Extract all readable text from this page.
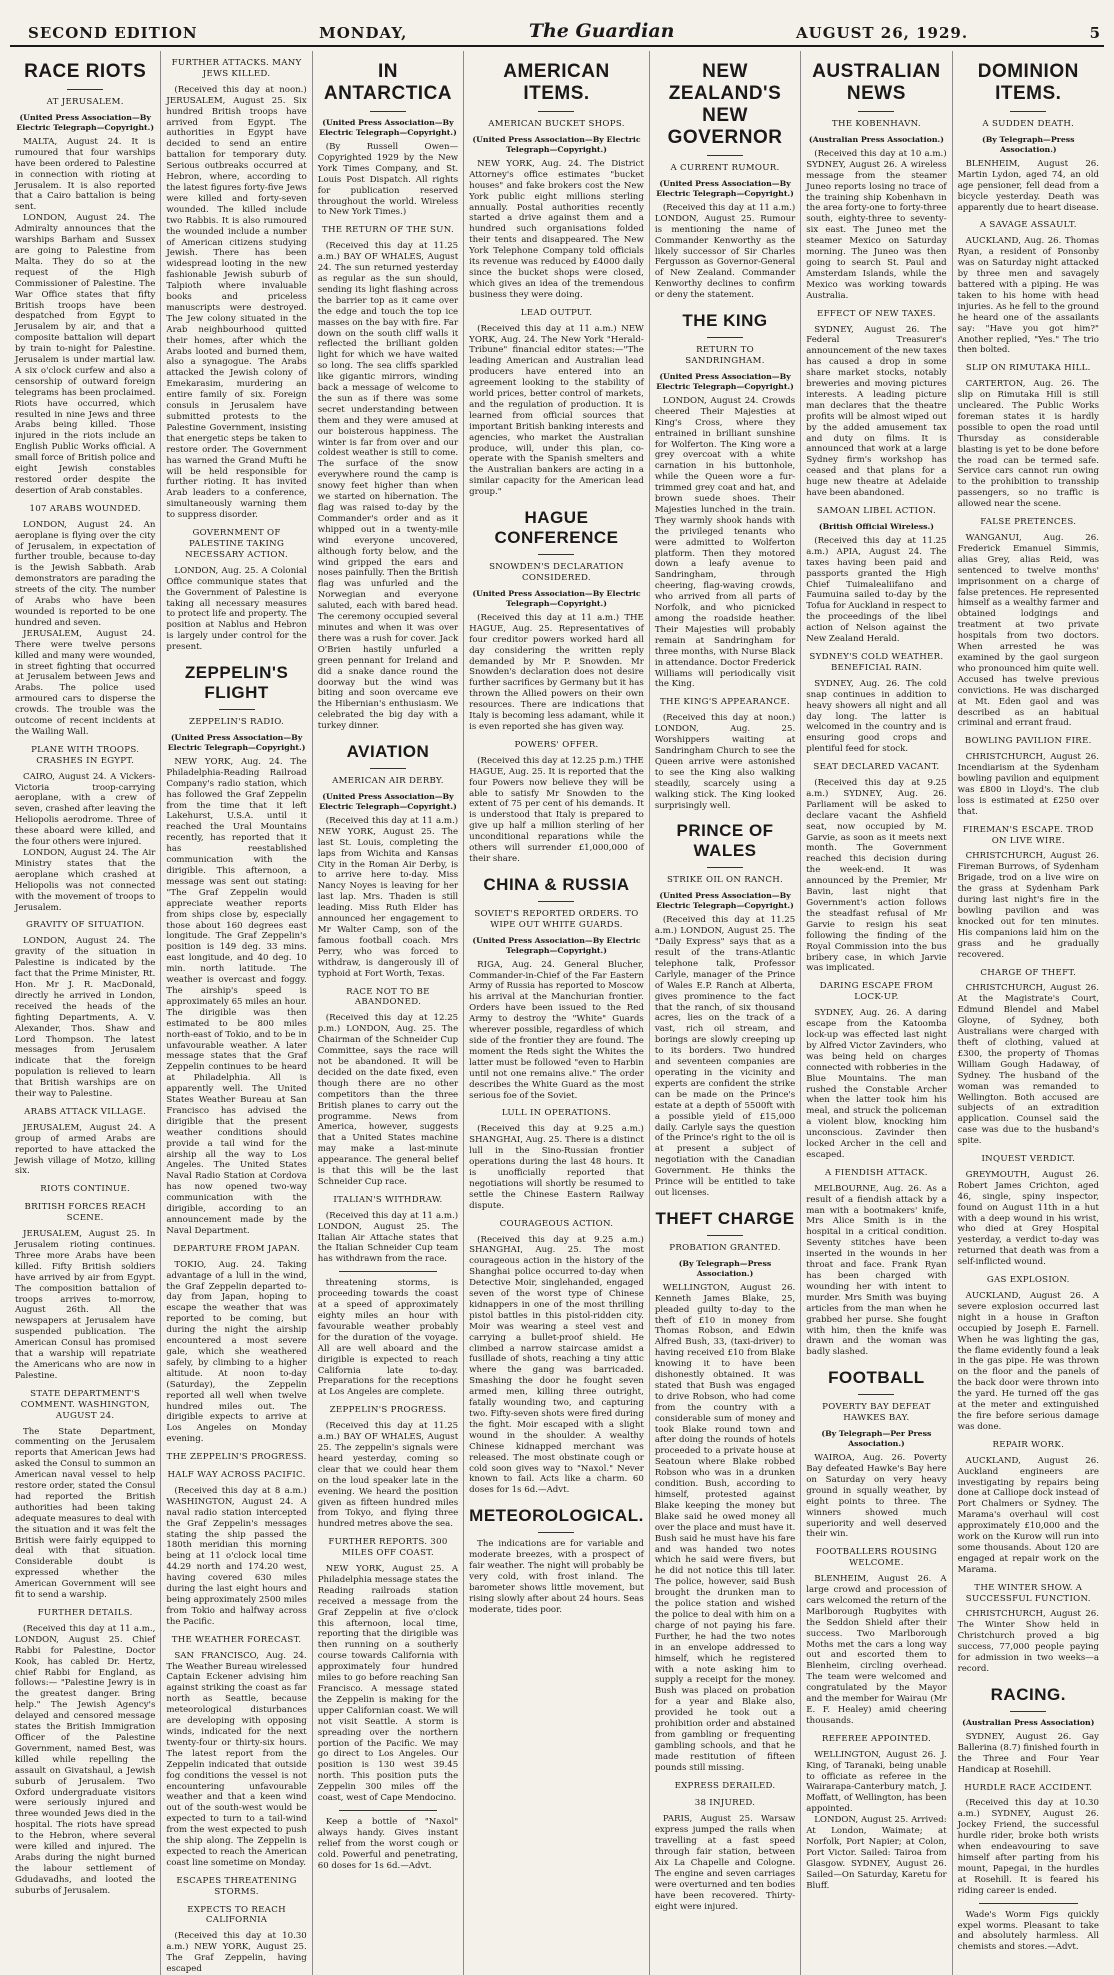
SECOND EDITION	MONDAY,	The Guardian	AUGUST 26, 1929.	5
RACE RIOTS
AT JERUSALEM.
(United Press Association—By Electric Telegraph—Copyright.)

MALTA, August 24. It is rumoured that four warships have been ordered to Palestine in connection with rioting at Jerusalem. It is also reported that a Cairo battalion is being sent.

LONDON, August 24. The Admiralty announces that the warships Barham and Sussex are going to Palestine from Malta. They do so at the request of the High Commissioner of Palestine. The War Office states that fifty British troops have been despatched from Egypt to Jerusalem by air, and that a composite battalion will depart by train to-night for Palestine. Jerusalem is under martial law. A six o'clock curfew and also a censorship of outward foreign telegrams has been proclaimed. Riots have occurred, which resulted in nine Jews and three Arabs being killed. Those injured in the riots include an English Public Works official. A small force of British police and eight Jewish constables restored order despite the desertion of Arab constables.

107 ARABS WOUNDED.

LONDON, August 24. An aeroplane is flying over the city of Jerusalem, in expectation of further trouble, because to-day is the Jewish Sabbath. Arab demonstrators are parading the streets of the city. The number of Arabs who have been wounded is reported to be one hundred and seven.

JERUSALEM, August 24. There were twelve persons killed and many were wounded, in street fighting that occurred at Jerusalem between Jews and Arabs. The police used armoured cars to disperse the crowds. The trouble was the outcome of recent incidents at the Wailing Wall.

PLANE WITH TROOPS. CRASHES IN EGYPT.

CAIRO, August 24. A Vickers-Victoria troop-carrying aeroplane, with a crew of seven, crashed after leaving the Heliopolis aerodrome. Three of these aboard were killed, and the four others were injured.

LONDON, August 24. The Air Ministry states that the aeroplane which crashed at Heliopolis was not connected with the movement of troops to Jerusalem.

GRAVITY OF SITUATION.

LONDON, August 24. The gravity of the situation in Palestine is indicated by the fact that the Prime Minister, Rt. Hon. Mr J. R. MacDonald, directly he arrived in London, received the heads of the fighting Departments, A. V. Alexander, Thos. Shaw and Lord Thompson. The latest messages from Jerusalem indicate that the foreign population is relieved to learn that British warships are on their way to Palestine.

ARABS ATTACK VILLAGE.

JERUSALEM, August 24. A group of armed Arabs are reported to have attacked the Jewish village of Motzo, killing six.

RIOTS CONTINUE.
BRITISH FORCES REACH SCENE.

JERUSALEM, August 25. In Jerusalem rioting continues. Three more Arabs have been killed. Fifty British soldiers have arrived by air from Egypt. The composition battalion of troops arrives to-morrow, August 26th. All the newspapers at Jerusalem have suspended publication. The American Consul has promised that a warship will repatriate the Americans who are now in Palestine.

STATE DEPARTMENT'S COMMENT. WASHINGTON, AUGUST 24.

The State Department, commenting on the Jerusalem reports that American Jews had asked the Consul to summon an American naval vessel to help restore order, stated the Consul had reported the British authorities had been taking adequate measures to deal with the situation and it was felt the British were fairly equipped to deal with that situation. Considerable doubt is expressed whether the American Government will see fit to send a warship.

FURTHER DETAILS.

(Received this day at 11 a.m., LONDON, August 25. Chief Rabbi for Palestine, Doctor Kook, has cabled Dr. Hertz, chief Rabbi for England, as follows:— "Palestine Jewry is in the greatest danger. Bring help." The Jewish Agency's delayed and censored message states the British Immigration Officer of the Palestine Government, named Best, was killed while repelling the assault on Givatshaul, a Jewish suburb of Jerusalem. Two Oxford undergraduate visitors were seriously injured and three wounded Jews died in the hospital. The riots have spread to the Hebron, where several were killed and injured. The Arabs during the night burned the labour settlement of Gdudavadhs, and looted the suburbs of Jerusalem.

FURTHER ATTACKS. MANY JEWS KILLED.

(Received this day at noon.) JERUSALEM, August 25. Six hundred British troops have arrived from Egypt. The authorities in Egypt have decided to send an entire battalion for temporary duty. Serious outbreaks occurred at Hebron, where, according to the latest figures forty-five Jews were killed and forty-seven wounded. The killed include two Rabbis. It is also rumoured the wounded include a number of American citizens studying Jewish. There has been widespread looting in the new fashionable Jewish suburb of Talpioth where invaluable books and priceless manuscripts were destroyed. The Jew colony situated in the Arab neighbourhood quitted their homes, after which the Arabs looted and burned them, also a synagogue. The Arabs attacked the Jewish colony of Emekarasim, murdering an entire family of six. Foreign consuls in Jerusalem have submitted protests to the Palestine Government, insisting that energetic steps be taken to restore order. The Government has warned the Grand Mufti he will be held responsible for further rioting. It has invited Arab leaders to a conference, simultaneously warning them to suppress disorder.

GOVERNMENT OF PALESTINE TAKING NECESSARY ACTION.

LONDON, Aug. 25. A Colonial Office communique states that the Government of Palestine is taking all necessary measures to protect life and property. The position at Nablus and Hebron is largely under control for the present.

ZEPPELIN'S FLIGHT
ZEPPELIN'S RADIO.
(United Press Association—By Electric Telegraph—Copyright.)

NEW YORK, Aug. 24. The Philadelphia-Reading Railroad Company's radio station, which has followed the Graf Zeppelin from the time that it left Lakehurst, U.S.A. until it reached the Ural Mountains recently, has reported that it has reestablished communication with the dirigible. This afternoon, a message was sent out stating: "The Graf Zeppelin would appreciate weather reports from ships close by, especially those about 160 degrees east longitude. The Graf Zeppelin's position is 149 deg. 33 mins. east longitude, and 40 deg. 10 min. north latitude. The weather is overcast and foggy. The airship's speed is approximately 65 miles an hour. The dirigible was then estimated to be 800 miles north-east of Tokio, and to be in unfavourable weather. A later message states that the Graf Zeppelin continues to be heard at Philadelphia. All is apparently well. The United States Weather Bureau at San Francisco has advised the dirigible that the present weather conditions should provide a tail wind for the airship all the way to Los Angeles. The United States Naval Radio Station at Cordova has now opened two-way communication with the dirigible, according to an announcement made by the Naval Department.

DEPARTURE FROM JAPAN.

TOKIO, Aug. 24. Taking advantage of a lull in the wind, the Graf Zeppelin departed to-day from Japan, hoping to escape the weather that was reported to be coming, but during the night the airship encountered a most severe gale, which she weathered safely, by climbing to a higher altitude. At noon to-day (Saturday), the Zeppelin reported all well when twelve hundred miles out. The dirigible expects to arrive at Los Angeles on Monday evening.

THE ZEPPELIN'S PROGRESS.
HALF WAY ACROSS PACIFIC.

(Received this day at 8 a.m.) WASHINGTON, August 24. A naval radio station intercepted the Graf Zeppelin's messages stating the ship passed the 180th meridian this morning being at 11 o'clock local time 44.29 north and 174.20 west, having covered 630 miles during the last eight hours and being approximately 2500 miles from Tokio and halfway across the Pacific.

THE WEATHER FORECAST.

SAN FRANCISCO, Aug. 24. The Weather Bureau wirelessed Captain Eckener advising him against striking the coast as far north as Seattle, because meteorological disturbances are developing with opposing winds, indicated for the next twenty-four or thirty-six hours. The latest report from the Zeppelin indicated that outside fog conditions the vessel is not encountering unfavourable weather and that a keen wind out of the south-west would be expected to turn to a tail-wind from the west expected to push the ship along. The Zeppelin is expected to reach the American coast line sometime on Monday.

ESCAPES THREATENING STORMS.
EXPECTS TO REACH CALIFORNIA

(Received this day at 10.30 a.m.) NEW YORK, August 25. The Graf Zeppelin, having escaped

IN ANTARCTICA
(United Press Association—By Electric Telegraph—Copyright.)

(By Russell Owen—Copyrighted 1929 by the New York Times Company, and St. Louis Post Dispatch. All rights for publication reserved throughout the world. Wireless to New York Times.)

THE RETURN OF THE SUN.

(Received this day at 11.25 a.m.) BAY OF WHALES, August 24. The sun returned yesterday as regular as the sun should, sending its light flashing across the barrier top as it came over the edge and touch the top ice masses on the bay with fire. Far down on the south cliff walls it reflected the brilliant golden light for which we have waited so long. The sea cliffs sparkled like gigantic mirrors, winding back a message of welcome to the sun as if there was some secret understanding between them and they were amused at our boisterous happiness. The winter is far from over and our coldest weather is still to come. The surface of the snow everywhere round the camp is snowy feet higher than when we started on hibernation. The flag was raised to-day by the Commander's order and as it whipped out in a twenty-mile wind everyone uncovered, although forty below, and the wind gripped the ears and noses painfully. Then the British flag was unfurled and the Norwegian and everyone saluted, each with bared head. The ceremony occupied several minutes and when it was over there was a rush for cover. Jack O'Brien hastily unfurled a green pennant for Ireland and did a snake dance round the doorway but the wind was biting and soon overcame eve the Hibernian's enthusiasm. We celebrated the big day with a turkey dinner.

AVIATION
AMERICAN AIR DERBY.
(United Press Association—By Electric Telegraph—Copyright.)

(Received this day at 11 a.m.) NEW YORK, August 25. The last St. Louis, completing the laps from Wichita and Kansas City in the Roman Air Derby, is to arrive here to-day. Miss Nancy Noyes is leaving for her last lap. Mrs. Thaden is still leading. Miss Ruth Elder has announced her engagement to Mr Walter Camp, son of the famous football coach. Mrs Perry, who was forced to withdraw, is dangerously ill of typhoid at Fort Worth, Texas.

RACE NOT TO BE ABANDONED.

(Received this day at 12.25 p.m.) LONDON, Aug. 25. The Chairman of the Schneider Cup Committee, says the race will not be abandoned. It will be decided on the date fixed, even though there are no other competitors than the three British planes to carry out the programme. News from America, however, suggests that a United States machine may make a last-minute appearance. The general belief is that this will be the last Schneider Cup race.

ITALIAN'S WITHDRAW.

(Received this day at 11 a.m.) LONDON, August 25. The Italian Air Attache states that the Italian Schneider Cup team has withdrawn from the race.

threatening storms, is proceeding towards the coast at a speed of approximately eighty miles an hour with favourable weather probably for the duration of the voyage. All are well aboard and the dirigible is expected to reach California late to-day. Preparations for the receptions at Los Angeles are complete.

ZEPPELIN'S PROGRESS.

(Received this day at 11.25 a.m.) BAY OF WHALES, August 25. The zeppelin's signals were heard yesterday, coming so clear that we could hear them on the loud speaker late in the evening. We heard the position given as fifteen hundred miles from Tokyo, and flying three hundred metres above the sea.

FURTHER REPORTS. 300 MILES OFF COAST.

NEW YORK, August 25. A Philadelphia message states the Reading railroads station received a message from the Graf Zeppelin at five o'clock this afternoon, local time, reporting that the dirigible was then running on a southerly course towards California with approximately four hundred miles to go before reaching San Francisco. A message stated the Zeppelin is making for the upper Californian coast. We will not visit Seattle. A storm is spreading over the northern portion of the Pacific. We may go direct to Los Angeles. Our position is 130 west 39.45 north. This position puts the Zeppelin 300 miles off the coast, west of Cape Mendocino.

Keep a bottle of "Naxol" always handy. Gives instant relief from the worst cough or cold. Powerful and penetrating, 60 doses for 1s 6d.—Advt.

AMERICAN ITEMS.
AMERICAN BUCKET SHOPS.
(United Press Association—By Electric Telegraph—Copyright.)

NEW YORK, Aug. 24. The District Attorney's office estimates "bucket houses" and fake brokers cost the New York public eight millions sterling annually. Postal authorities recently started a drive against them and a hundred such organisations folded their tents and disappeared. The New York Telephone Company told officials its revenue was reduced by £4000 daily since the bucket shops were closed, which gives an idea of the tremendous business they were doing.

LEAD OUTPUT.

(Received this day at 11 a.m.) NEW YORK, Aug. 24. The New York "Herald-Tribune" financial editor states:—"The leading American and Australian lead producers have entered into an agreement looking to the stability of world prices, better control of markets, and the regulation of production. It is learned from official sources that important British banking interests and agencies, who market the Australian produce, will, under this plan, co-operate with the Spanish smelters and the Australian bankers are acting in a similar capacity for the American lead group."

HAGUE CONFERENCE
SNOWDEN'S DECLARATION CONSIDERED.
(United Press Association—By Electric Telegraph—Copyright.)

(Received this day at 11 a.m.) THE HAGUE, Aug. 25. Representatives of four creditor powers worked hard all day considering the written reply demanded by Mr P. Snowden. Mr Snowden's declaration does not desire further sacrifices by Germany but it has thrown the Allied powers on their own resources. There are indications that Italy is becoming less adamant, while it is even reported she has given way.

POWERS' OFFER.

(Received this day at 12.25 p.m.) THE HAGUE, Aug. 25. It is reported that the four Powers now believe they will be able to satisfy Mr Snowden to the extent of 75 per cent of his demands. It is understood that Italy is prepared to give up half a million sterling of her unconditional reparations while the others will surrender £1,000,000 of their share.

CHINA & RUSSIA
SOVIET'S REPORTED ORDERS. TO WIPE OUT WHITE GUARDS.
(United Press Association—By Electric Telegraph—Copyright.)

RIGA, Aug. 24. General Blucher, Commander-in-Chief of the Far Eastern Army of Russia has reported to Moscow his arrival at the Manchurian frontier. Orders have been issued to the Red Army to destroy the "White" Guards wherever possible, regardless of which side of the frontier they are found. The moment the Reds sight the Whites the latter must be followed "even to Harbin until not one remains alive." The order describes the White Guard as the most serious foe of the Soviet.

LULL IN OPERATIONS.

(Received this day at 9.25 a.m.) SHANGHAI, Aug. 25. There is a distinct lull in the Sino-Russian frontier operations during the last 48 hours. It is unofficially reported that negotiations will shortly be resumed to settle the Chinese Eastern Railway dispute.

COURAGEOUS ACTION.

(Received this day at 9.25 a.m.) SHANGHAI, Aug. 25. The most courageous action in the history of the Shanghai police occurred to-day when Detective Moir, singlehanded, engaged seven of the worst type of Chinese kidnappers in one of the most thrilling pistol battles in this pistol-ridden city. Moir was wearing a steel vest and carrying a bullet-proof shield. He climbed a narrow staircase amidst a fusillade of shots, reaching a tiny attic where the gang was barricaded. Smashing the door he fought seven armed men, killing three outright, fatally wounding two, and capturing two. Fifty-seven shots were fired during the fight. Moir escaped with a slight wound in the shoulder. A wealthy Chinese kidnapped merchant was released. The most obstinate cough or cold soon gives way to "Naxol." Never known to fail. Acts like a charm. 60 doses for 1s 6d.—Advt.

METEOROLOGICAL.

The indications are for variable and moderate breezes, with a prospect of fair weather. The night will probably be very cold, with frost inland. The barometer shows little movement, but rising slowly after about 24 hours. Seas moderate, tides poor.

NEW ZEALAND'S NEW GOVERNOR
A CURRENT RUMOUR.
(United Press Association—By Electric Telegraph—Copyright.)

(Received this day at 11 a.m.) LONDON, August 25. Rumour is mentioning the name of Commander Kenworthy as the likely successor of Sir Charles Fergusson as Governor-General of New Zealand. Commander Kenworthy declines to confirm or deny the statement.

THE KING
RETURN TO SANDRINGHAM.
(United Press Association—By Electric Telegraph—Copyright.)

LONDON, August 24. Crowds cheered Their Majesties at King's Cross, where they entrained in brilliant sunshine for Wolferton. The King wore a grey overcoat with a white carnation in his buttonhole, while the Queen wore a fur-trimmed grey coat and hat, and brown suede shoes. Their Majesties lunched in the train. They warmly shook hands with the privileged tenants who were admitted to Wolferton platform. Then they motored down a leafy avenue to Sandringham, through cheering, flag-waving crowds, who arrived from all parts of Norfolk, and who picnicked among the roadside heather. Their Majesties will probably remain at Sandringham for three months, with Nurse Black in attendance. Doctor Frederick Williams will periodically visit the King.

THE KING'S APPEARANCE.

(Received this day at noon.) LONDON, Aug. 25. Worshippers waiting at Sandringham Church to see the Queen arrive were astonished to see the King also walking steadily, scarcely using a walking stick. The King looked surprisingly well.

PRINCE OF WALES
STRIKE OIL ON RANCH.
(United Press Association—By Electric Telegraph—Copyright.)

(Received this day at 11.25 a.m.) LONDON, August 25. The "Daily Express" says that as a result of the trans-Atlantic telephone talk, Professor Carlyle, manager of the Prince of Wales E.P. Ranch at Alberta, gives prominence to the fact that the ranch, of six thousand acres, lies on the track of a vast, rich oil stream, and borings are slowly creeping up to its borders. Two hundred and seventeen companies are operating in the vicinity and experts are confident the strike can be made on the Prince's estate at a depth of 5500ft with a possible yield of £15,000 daily. Carlyle says the question of the Prince's right to the oil is at present a subject of negotiation with the Canadian Government. He thinks the Prince will be entitled to take out licenses.

THEFT CHARGE
PROBATION GRANTED.
(By Telegraph—Press Association.)

WELLINGTON, August 26. Kenneth James Blake, 25, pleaded guilty to-day to the theft of £10 in money from Thomas Robson, and Edwin Alfred Bush, 33, (taxi-driver) to having received £10 from Blake knowing it to have been dishonestly obtained. It was stated that Bush was engaged to drive Robson, who had come from the country with a considerable sum of money and took Blake round town and after doing the rounds of hotels proceeded to a private house at Seatoun where Blake robbed Robson who was in a drunken condition. Bush, according to himself, protested against Blake keeping the money but Blake said he owed money all over the place and must have it. Bush said he must have his fare and was handed two notes which he said were fivers, but he did not notice this till later. The police, however, said Bush brought the drunken man to the police station and wished the police to deal with him on a charge of not paying his fare. Further, he had the two notes in an envelope addressed to himself, which he registered with a note asking him to supply a receipt for the money. Bush was placed on probation for a year and Blake also, provided he took out a prohibition order and abstained from gambling or frequenting gambling schools, and that he made restitution of fifteen pounds still missing.

EXPRESS DERAILED.
38 INJURED.

PARIS, August 25. Warsaw express jumped the rails when travelling at a fast speed through fair station, between Aix La Chapelle and Cologne. The engine and seven carriages were overturned and ten bodies have been recovered. Thirty-eight were injured.

AUSTRALIAN NEWS
THE KOBENHAVN.
(Australian Press Association.)

(Received this day at 10 a.m.) SYDNEY, August 26. A wireless message from the steamer Juneo reports losing no trace of the training ship Kobenhavn in the area forty-one to forty-three south, eighty-three to seventy-six east. The Juneo met the steamer Mexico on Saturday morning. The Juneo was then going to search St. Paul and Amsterdam Islands, while the Mexico was working towards Australia.

EFFECT OF NEW TAXES.

SYDNEY, August 26. The Federal Treasurer's announcement of the new taxes has caused a drop in some share market stocks, notably breweries and moving pictures interests. A leading picture man declares that the theatre profits will be almost wiped out by the added amusement tax and duty on films. It is announced that work at a large Sydney firm's workshop has ceased and that plans for a huge new theatre at Adelaide have been abandoned.

SAMOAN LIBEL ACTION.
(British Official Wireless.)

(Received this day at 11.25 a.m.) APIA, August 24. The taxes having been paid and passports granted the High Chief Tuimalealiifano and Faumuina sailed to-day by the Tofua for Auckland in respect to the proceedings of the libel action of Nelson against the New Zealand Herald.

SYDNEY'S COLD WEATHER. BENEFICIAL RAIN.

SYDNEY, Aug. 26. The cold snap continues in addition to heavy showers all night and all day long. The latter is welcomed in the country and is ensuring good crops and plentiful feed for stock.

SEAT DECLARED VACANT.

(Received this day at 9.25 a.m.) SYDNEY, Aug. 26. Parliament will be asked to declare vacant the Ashfield seat, now occupied by M. Garvie, as soon as it meets next month. The Government reached this decision during the week-end. It was announced by the Premier, Mr Bavin, last night that Government's action follows the steadfast refusal of Mr Garvie to resign his seat following the finding of the Royal Commission into the bus bribery case, in which Jarvie was implicated.

DARING ESCAPE FROM LOCK-UP.

SYDNEY, Aug. 26. A daring escape from the Katoomba lock-up was effected last night by Alfred Victor Zavinders, who was being held on charges connected with robberies in the Blue Mountains. The man rushed the Constable Archer when the latter took him his meal, and struck the policeman a violent blow, knocking him unconscious. Zavinder then locked Archer in the cell and escaped.

A FIENDISH ATTACK.

MELBOURNE, Aug. 26. As a result of a fiendish attack by a man with a bootmakers' knife, Mrs Alice Smith is in the hospital in a critical condition. Seventy stitches have been inserted in the wounds in her throat and face. Frank Ryan has been charged with wounding her with intent to murder. Mrs Smith was buying articles from the man when he grabbed her purse. She fought with him, then the knife was drawn and the woman was badly slashed.

FOOTBALL
POVERTY BAY DEFEAT HAWKES BAY.
(By Telegraph—Per Press Association.)

WAIROA, Aug. 26. Poverty Bay defeated Hawke's Bay here on Saturday on very heavy ground in squally weather, by eight points to three. The winners showed much superiority and well deserved their win.

FOOTBALLERS ROUSING WELCOME.

BLENHEIM, August 26. A large crowd and procession of cars welcomed the return of the Marlborough Rugbyites with the Seddon Shield after their success. Two Marlborough Moths met the cars a long way out and escorted them to Blenheim, circling overhead. The team were welcomed and congratulated by the Mayor and the member for Wairau (Mr E. F. Healey) amid cheering thousands.

REFEREE APPOINTED.

WELLINGTON, August 26. J. King, of Taranaki, being unable to officiate as referee in the Wairarapa-Canterbury match, J. Moffatt, of Wellington, has been appointed.

LONDON, August 25. Arrived: At London, Waimate; at Norfolk, Port Napier; at Colon, Port Victor. Sailed: Tairoa from Glasgow. SYDNEY, August 26. Sailed—On Saturday, Karetu for Bluff.

DOMINION ITEMS.
A SUDDEN DEATH.
(By Telegraph—Press Association.)

BLENHEIM, August 26. Martin Lydon, aged 74, an old age pensioner, fell dead from a bicycle yesterday. Death was apparently due to heart disease.

A SAVAGE ASSAULT.

AUCKLAND, Aug. 26. Thomas Ryan, a resident of Ponsonby was on Saturday night attacked by three men and savagely battered with a piping. He was taken to his home with head injuries. As he fell to the ground he heard one of the assailants say: "Have you got him?" Another replied, "Yes." The trio then bolted.

SLIP ON RIMUTAKA HILL.

CARTERTON, Aug. 26. The slip on Rimutaka Hill is still uncleared. The Public Works foreman states it is hardly possible to open the road until Thursday as considerable blasting is yet to be done before the road can be termed safe. Service cars cannot run owing to the prohibition to transship passengers, so no traffic is allowed near the scene.

FALSE PRETENCES.

WANGANUI, Aug. 26. Frederick Emanuel Simmis, alias Grey, alias Reid, was sentenced to twelve months' imprisonment on a charge of false pretences. He represented himself as a wealthy farmer and obtained lodgings and treatment at two private hospitals from two doctors. When arrested he was examined by the gaol surgeon who pronounced him quite well. Accused has twelve previous convictions. He was discharged at Mt. Eden gaol and was described as an habitual criminal and errant fraud.

BOWLING PAVILION FIRE.

CHRISTCHURCH, August 26. Incendiarism at the Sydenham bowling pavilion and equipment was £800 in Lloyd's. The club loss is estimated at £250 over that.

FIREMAN'S ESCAPE. TROD ON LIVE WIRE.

CHRISTCHURCH, August 26. Fireman Burrows, of Sydenham Brigade, trod on a live wire on the grass at Sydenham Park during last night's fire in the bowling pavilion and was knocked out for ten minutes. His companions laid him on the grass and he gradually recovered.

CHARGE OF THEFT.

CHRISTCHURCH, August 26. At the Magistrate's Court, Edmund Blendel and Mabel Gloyne, of Sydney, both Australians were charged with theft of clothing, valued at £300, the property of Thomas William Gough Hadaway, of Sydney. The husband of the woman was remanded to Wellington. Both accused are subjects of an extradition application. Counsel said the case was due to the husband's spite.

INQUEST VERDICT.

GREYMOUTH, August 26. Robert James Crichton, aged 46, single, spiny inspector, found on August 11th in a hut with a deep wound in his wrist, who died at Grey Hospital yesterday, a verdict to-day was returned that death was from a self-inflicted wound.

GAS EXPLOSION.

AUCKLAND, August 26. A severe explosion occurred last night in a house in Grafton occupied by Joseph E. Farnell. When he was lighting the gas, the flame evidently found a leak in the gas pipe. He was thrown on the floor and the panels of the back door were thrown into the yard. He turned off the gas at the meter and extinguished the fire before serious damage was done.

REPAIR WORK.

AUCKLAND, August 26. Auckland engineers are investigating by repairs being done at Calliope dock instead of Port Chalmers or Sydney. The Marama's overhaul will cost approximately £10,000 and the work on the Kurow will run into some thousands. About 120 are engaged at repair work on the Marama.

THE WINTER SHOW. A SUCCESSFUL FUNCTION.

CHRISTCHURCH, August 26. The Winter Show held in Christchurch proved a big success, 77,000 people paying for admission in two weeks—a record.

RACING.
(Australian Press Association)

SYDNEY, August 26. Gay Ballerina (8.7) finished fourth in the Three and Four Year Handicap at Rosehill.

HURDLE RACE ACCIDENT.

(Received this day at 10.30 a.m.) SYDNEY, August 26. Jockey Friend, the successful hurdle rider, broke both wrists when endeavouring to save himself after parting from his mount, Papegai, in the hurdles at Rosehill. It is feared his riding career is ended.

Wade's Worm Figs quickly expel worms. Pleasant to take and absolutely harmless. All chemists and stores.—Advt.
